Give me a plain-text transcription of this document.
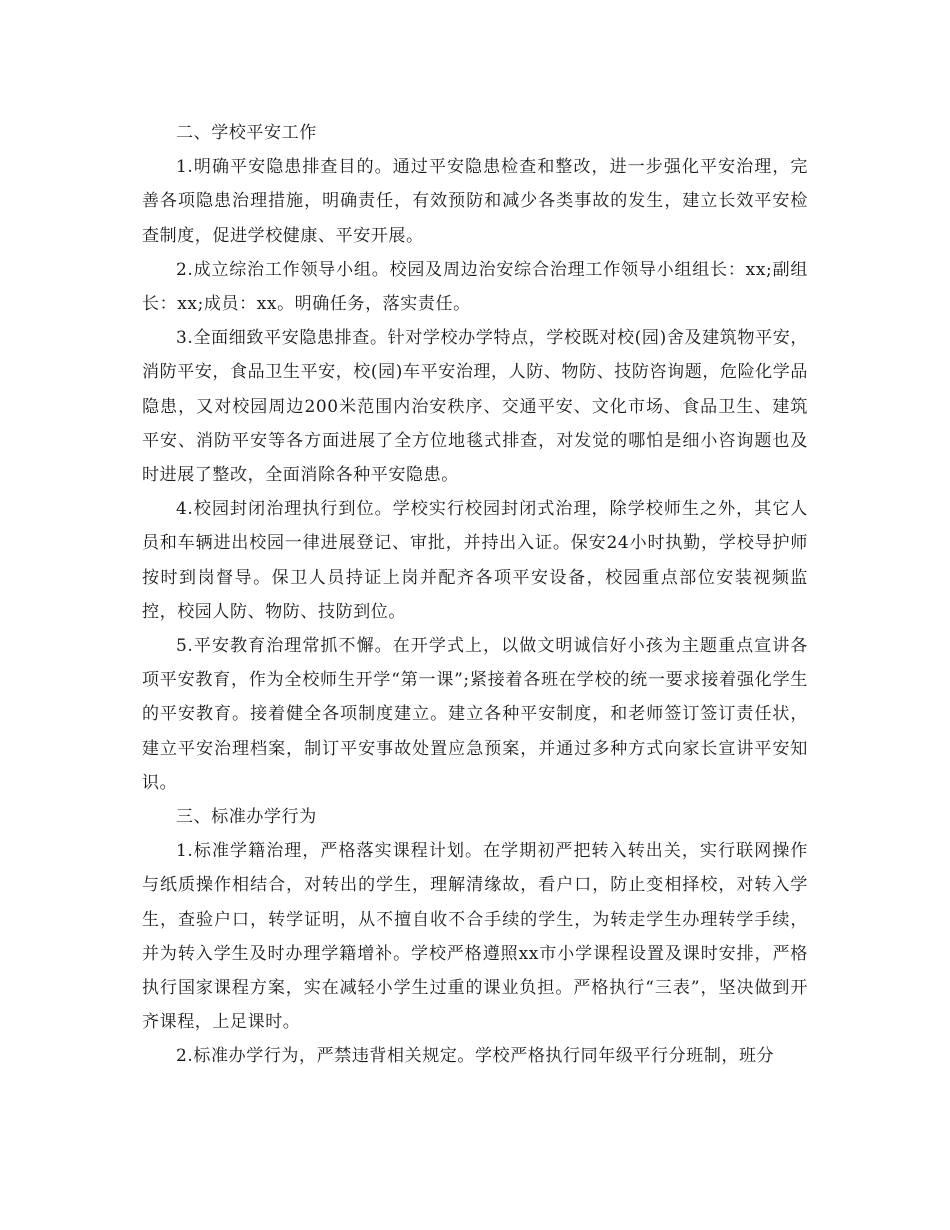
二、学校平安工作

1.明确平安隐患排查目的。通过平安隐患检查和整改，进一步强化平安治理，完善各项隐患治理措施，明确责任，有效预防和减少各类事故的发生，建立长效平安检查制度，促进学校健康、平安开展。

2.成立综治工作领导小组。校园及周边治安综合治理工作领导小组组长：xx;副组长：xx;成员：xx。明确任务，落实责任。

3.全面细致平安隐患排查。针对学校办学特点，学校既对校(园)舍及建筑物平安，消防平安，食品卫生平安，校(园)车平安治理，人防、物防、技防咨询题，危险化学品隐患，又对校园周边200米范围内治安秩序、交通平安、文化市场、食品卫生、建筑平安、消防平安等各方面进展了全方位地毯式排查，对发觉的哪怕是细小咨询题也及时进展了整改，全面消除各种平安隐患。

4.校园封闭治理执行到位。学校实行校园封闭式治理，除学校师生之外，其它人员和车辆进出校园一律进展登记、审批，并持出入证。保安24小时执勤，学校导护师按时到岗督导。保卫人员持证上岗并配齐各项平安设备，校园重点部位安装视频监控，校园人防、物防、技防到位。

5.平安教育治理常抓不懈。在开学式上，以做文明诚信好小孩为主题重点宣讲各项平安教育，作为全校师生开学“第一课”;紧接着各班在学校的统一要求接着强化学生的平安教育。接着健全各项制度建立。建立各种平安制度，和老师签订签订责任状，建立平安治理档案，制订平安事故处置应急预案，并通过多种方式向家长宣讲平安知识。

三、标准办学行为

1.标准学籍治理，严格落实课程计划。在学期初严把转入转出关，实行联网操作与纸质操作相结合，对转出的学生，理解清缘故，看户口，防止变相择校，对转入学生，查验户口，转学证明，从不擅自收不合手续的学生，为转走学生办理转学手续，并为转入学生及时办理学籍增补。学校严格遵照xx市小学课程设置及课时安排，严格执行国家课程方案，实在减轻小学生过重的课业负担。严格执行“三表”，坚决做到开齐课程，上足课时。

2.标准办学行为，严禁违背相关规定。学校严格执行同年级平行分班制，班分
